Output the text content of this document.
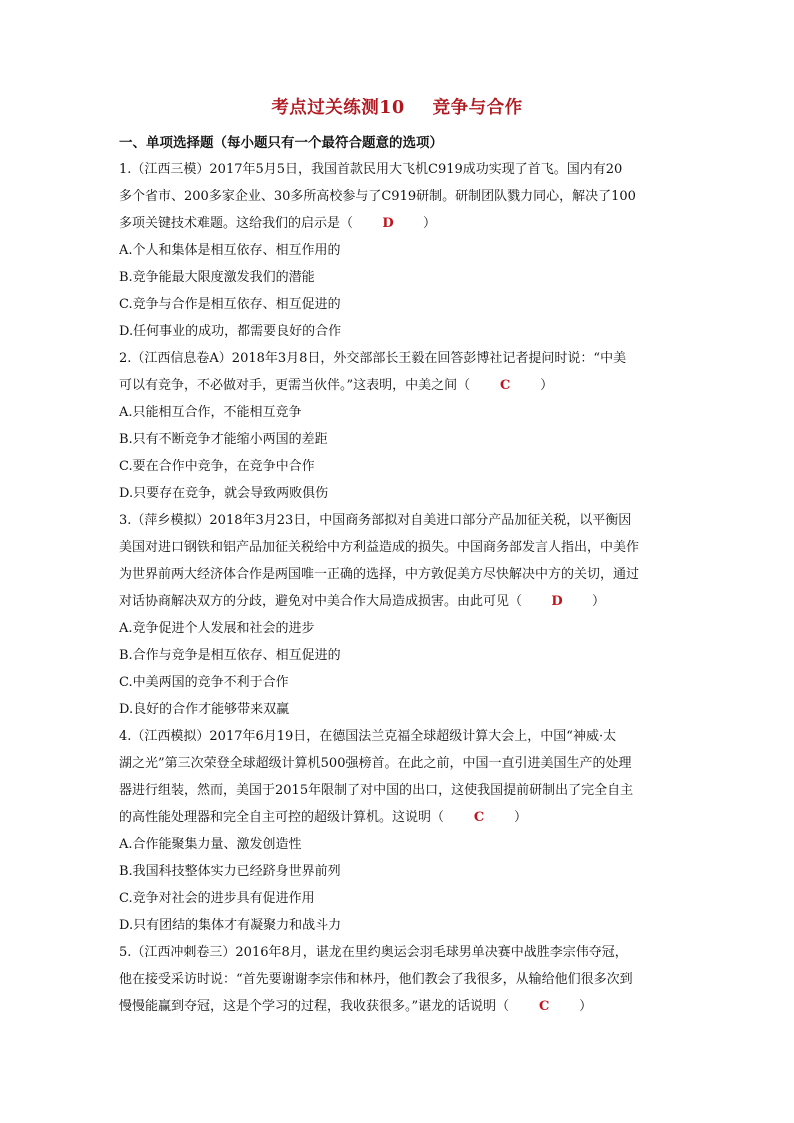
考点过关练测10 竞争与合作
一、单项选择题（每小题只有一个最符合题意的选项）
1.（江西三模）2017年5月5日，我国首款民用大飞机C919成功实现了首飞。国内有20
多个省市、200多家企业、30多所高校参与了C919研制。研制团队戮力同心，解决了100
多项关键技术难题。这给我们的启示是（ D ）
A.个人和集体是相互依存、相互作用的
B.竞争能最大限度激发我们的潜能
C.竞争与合作是相互依存、相互促进的
D.任何事业的成功，都需要良好的合作
2.（江西信息卷A）2018年3月8日，外交部部长王毅在回答彭博社记者提问时说：“中美
可以有竞争，不必做对手，更需当伙伴。”这表明，中美之间（ C ）
A.只能相互合作，不能相互竞争
B.只有不断竞争才能缩小两国的差距
C.要在合作中竞争，在竞争中合作
D.只要存在竞争，就会导致两败俱伤
3.（萍乡模拟）2018年3月23日，中国商务部拟对自美进口部分产品加征关税，以平衡因
美国对进口钢铁和铝产品加征关税给中方利益造成的损失。中国商务部发言人指出，中美作
为世界前两大经济体合作是两国唯一正确的选择，中方敦促美方尽快解决中方的关切，通过
对话协商解决双方的分歧，避免对中美合作大局造成损害。由此可见（ D ）
A.竞争促进个人发展和社会的进步
B.合作与竞争是相互依存、相互促进的
C.中美两国的竞争不利于合作
D.良好的合作才能够带来双赢
4.（江西模拟）2017年6月19日，在德国法兰克福全球超级计算大会上，中国“神威·太
湖之光”第三次荣登全球超级计算机500强榜首。在此之前，中国一直引进美国生产的处理
器进行组装，然而，美国于2015年限制了对中国的出口，这使我国提前研制出了完全自主
的高性能处理器和完全自主可控的超级计算机。这说明（ C ）
A.合作能聚集力量、激发创造性
B.我国科技整体实力已经跻身世界前列
C.竞争对社会的进步具有促进作用
D.只有团结的集体才有凝聚力和战斗力
5.（江西冲刺卷三）2016年8月，谌龙在里约奥运会羽毛球男单决赛中战胜李宗伟夺冠，
他在接受采访时说：“首先要谢谢李宗伟和林丹，他们教会了我很多，从输给他们很多次到
慢慢能赢到夺冠，这是个学习的过程，我收获很多。”谌龙的话说明（ C ）
